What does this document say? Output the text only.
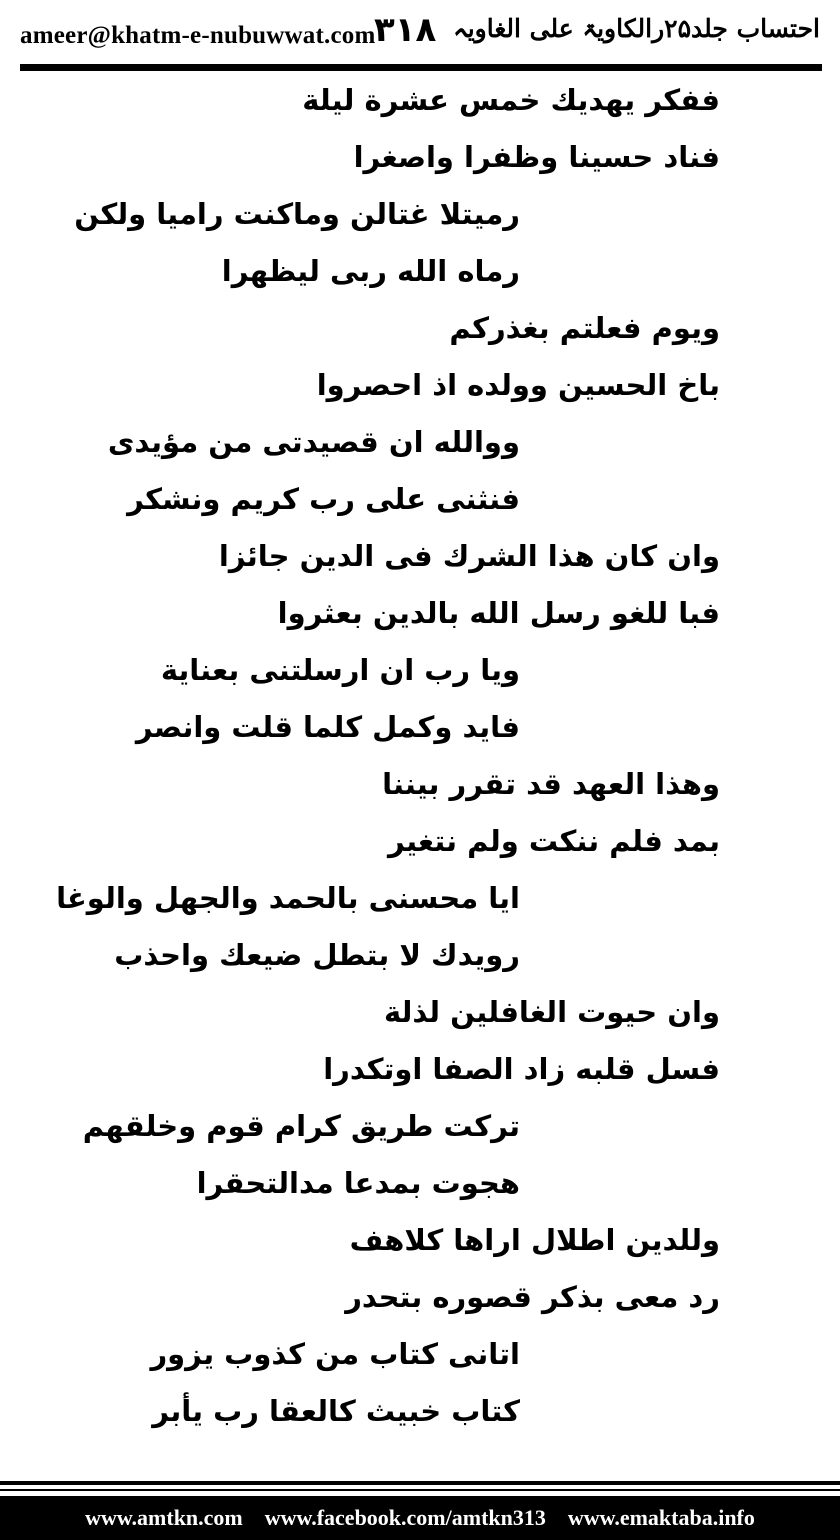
ameer@khatm-e-nubuwwat.com
۳۱۸ احتساب جلد۲۵رالکاویۃ علی الغاویہ
ففكر يهديك خمس عشرة ليلة
فناد حسينا وظفرا واصغرا
رميتلا غتالن وماكنت راميا ولكن
رماه الله ربى ليظهرا
ويوم فعلتم بغذركم
باخ الحسين وولده اذ احصروا
ووالله ان قصيدتى من مؤيدى
فنثنى على رب كريم ونشكر
وان كان هذا الشرك فى الدين جائزا
فبا للغو رسل الله بالدين بعثروا
ويا رب ان ارسلتنى بعناية
فايد وكمل كلما قلت وانصر
وهذا العهد قد تقرر بيننا
بمد فلم ننكت ولم نتغير
ايا محسنى بالحمد والجهل والوغا
رويدك لا بتطل ضيعك واحذب
وان حيوت الغافلين لذلة
فسل قلبه زاد الصفا اوتكدرا
تركت طريق كرام قوم وخلقهم
هجوت بمدعا مدالتحقرا
وللدين اطلال اراها كلاهف
رد معى بذكر قصوره بتحدر
اتانى كتاب من كذوب يزور
كتاب خبيث كالعقا رب يأبر
www.amtkn.com www.facebook.com/amtkn313 www.emaktaba.info
